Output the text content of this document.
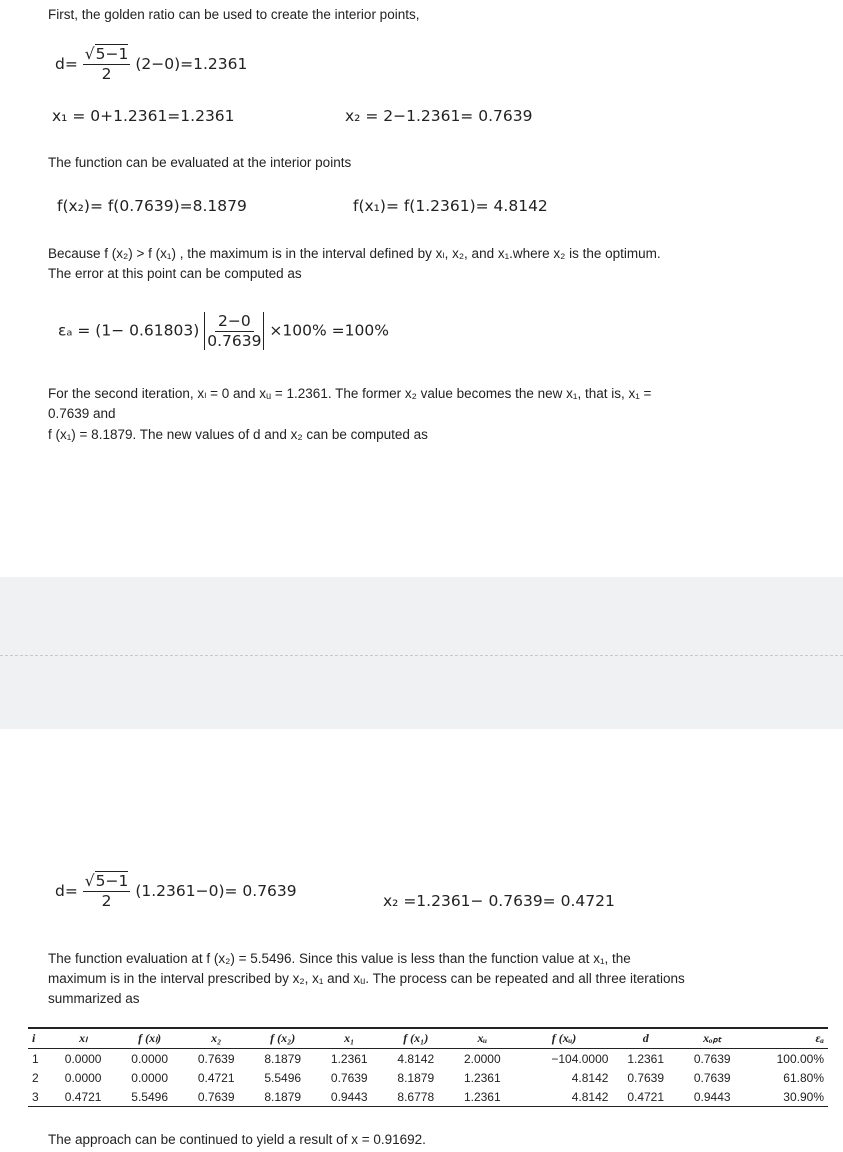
First, the golden ratio can be used to create the interior points,
$d= \frac{√5-1}{2} (2-0)=1.2361$
x₁ = 0+1.2361=1.2361	x₂ = 2−1.2361= 0.7639
The function can be evaluated at the interior points
f(x₂)= f(0.7639)=8.1879	f(x₁)= f(1.2361)= 4.8142
Because f (x₂) > f (x₁) , the maximum is in the interval defined by xₗ, x₂, and x₁.where x₂ is the optimum.
The error at this point can be computed as
$\varepsilon_a = (1- 0.61803) \frac{2-0}{0.7639} \times 100\% =100\%$
For the second iteration, xₗ = 0 and xᵤ = 1.2361. The former x₂ value becomes the new x₁, that is, x₁ =
0.7639 and
f (x₁) = 8.1879. The new values of d and x₂ can be computed as
$d= \frac{√5-1}{2} (1.2361-0)= 0.7639$
x₂ =1.2361− 0.7639= 0.4721
The function evaluation at f (x₂) = 5.5496. Since this value is less than the function value at x₁, the
maximum is in the interval prescribed by x₂, x₁ and xᵤ. The process can be repeated and all three iterations
summarized as
i	xₗ	f (xₗ)	x₂	f (x₂)	x₁	f (x₁)	xᵤ	f (xᵤ)	d	xₒₚₜ	εₐ
1	0.0000	0.0000	0.7639	8.1879	1.2361	4.8142	2.0000	−104.0000	1.2361	0.7639	100.00%
2	0.0000	0.0000	0.4721	5.5496	0.7639	8.1879	1.2361	4.8142	0.7639	0.7639	61.80%
3	0.4721	5.5496	0.7639	8.1879	0.9443	8.6778	1.2361	4.8142	0.4721	0.9443	30.90%
The approach can be continued to yield a result of x = 0.91692.
